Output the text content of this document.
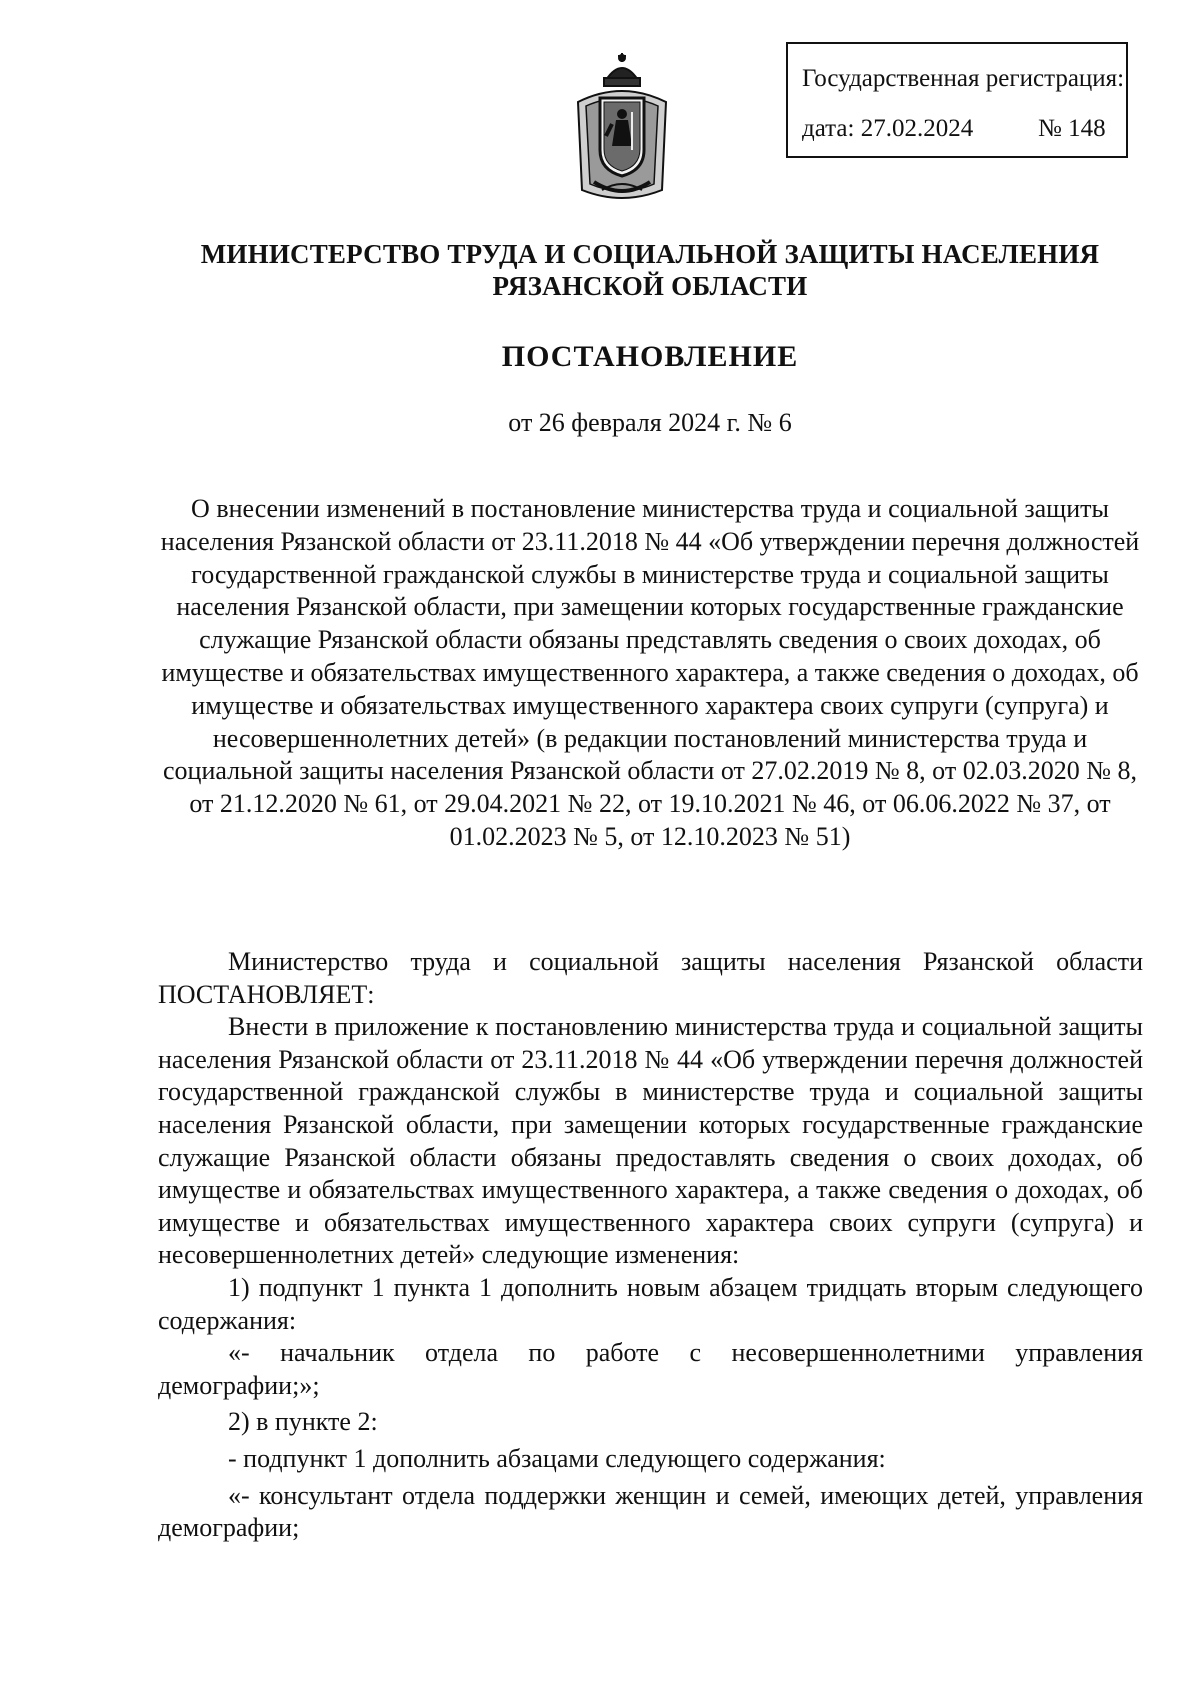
Государственная регистрация:
дата: 27.02.2024	№ 148
МИНИСТЕРСТВО ТРУДА И СОЦИАЛЬНОЙ ЗАЩИТЫ НАСЕЛЕНИЯ
РЯЗАНСКОЙ ОБЛАСТИ
ПОСТАНОВЛЕНИЕ
от 26 февраля 2024 г. № 6
О внесении изменений в постановление министерства труда и социальной защиты населения Рязанской области от 23.11.2018 № 44 «Об утверждении перечня должностей государственной гражданской службы в министерстве труда и социальной защиты населения Рязанской области, при замещении которых государственные гражданские служащие Рязанской области обязаны представлять сведения о своих доходах, об имуществе и обязательствах имущественного характера, а также сведения о доходах, об имуществе и обязательствах имущественного характера своих супруги (супруга) и несовершеннолетних детей» (в редакции постановлений министерства труда и социальной защиты населения Рязанской области от 27.02.2019 № 8, от 02.03.2020 № 8, от 21.12.2020 № 61, от 29.04.2021 № 22, от 19.10.2021 № 46, от 06.06.2022 № 37, от 01.02.2023 № 5, от 12.10.2023 № 51)

Министерство труда и социальной защиты населения Рязанской области ПОСТАНОВЛЯЕТ:

Внести в приложение к постановлению министерства труда и социальной защиты населения Рязанской области от 23.11.2018 № 44 «Об утверждении перечня должностей государственной гражданской службы в министерстве труда и социальной защиты населения Рязанской области, при замещении которых государственные гражданские служащие Рязанской области обязаны предоставлять сведения о своих доходах, об имуществе и обязательствах имущественного характера, а также сведения о доходах, об имуществе и обязательствах имущественного характера своих супруги (супруга) и несовершеннолетних детей» следующие изменения:

1) подпункт 1 пункта 1 дополнить новым абзацем тридцать вторым следующего содержания:

«- начальник отдела по работе с несовершеннолетними управления демографии;»;

2) в пункте 2:

- подпункт 1 дополнить абзацами следующего содержания:

«- консультант отдела поддержки женщин и семей, имеющих детей, управления демографии;
